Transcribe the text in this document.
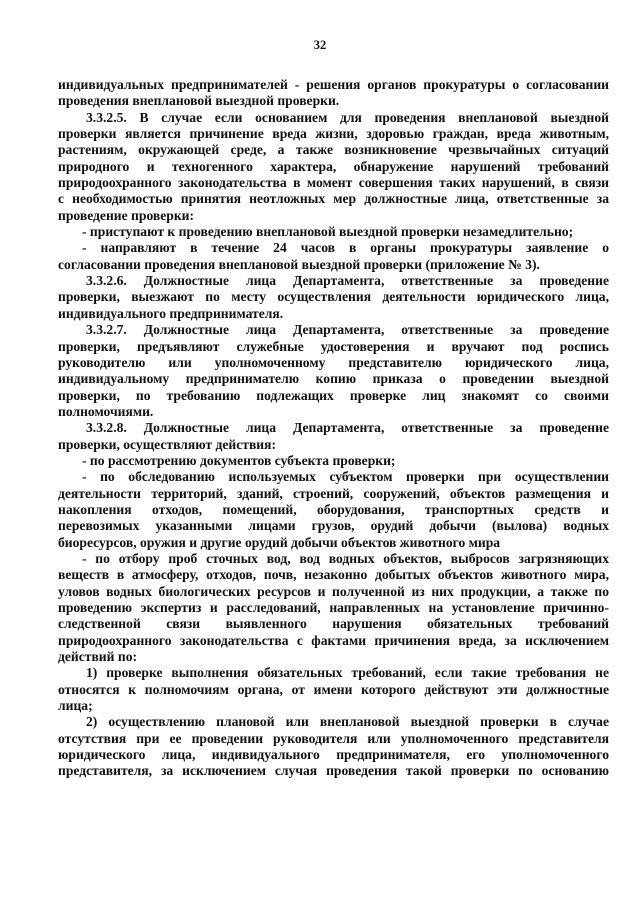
32
индивидуальных предпринимателей - решения органов прокуратуры о согласовании
проведения внеплановой выездной проверки.
3.3.2.5. В случае если основанием для проведения внеплановой выездной
проверки является причинение вреда жизни, здоровью граждан, вреда животным,
растениям, окружающей среде, а также возникновение чрезвычайных ситуаций
природного и техногенного характера, обнаружение нарушений требований
природоохранного законодательства в момент совершения таких нарушений, в связи
с необходимостью принятия неотложных мер должностные лица, ответственные за
проведение проверки:
- приступают к проведению внеплановой выездной проверки незамедлительно;
- направляют в течение 24 часов в органы прокуратуры заявление о
согласовании проведения внеплановой выездной проверки (приложение № 3).
3.3.2.6. Должностные лица Департамента, ответственные за проведение
проверки, выезжают по месту осуществления деятельности юридического лица,
индивидуального предпринимателя.
3.3.2.7. Должностные лица Департамента, ответственные за проведение
проверки, предъявляют служебные удостоверения и вручают под роспись
руководителю или уполномоченному представителю юридического лица,
индивидуальному предпринимателю копию приказа о проведении выездной
проверки, по требованию подлежащих проверке лиц знакомят со своими
полномочиями.
3.3.2.8. Должностные лица Департамента, ответственные за проведение
проверки, осуществляют действия:
- по рассмотрению документов субъекта проверки;
- по обследованию используемых субъектом проверки при осуществлении
деятельности территорий, зданий, строений, сооружений, объектов размещения и
накопления отходов, помещений, оборудования, транспортных средств и
перевозимых указанными лицами грузов, орудий добычи (вылова) водных
биоресурсов, оружия и другие орудий добычи объектов животного мира
- по отбору проб сточных вод, вод водных объектов, выбросов загрязняющих
веществ в атмосферу, отходов, почв, незаконно добытых объектов животного мира,
уловов водных биологических ресурсов и полученной из них продукции, а также по
проведению экспертиз и расследований, направленных на установление причинно-
следственной связи выявленного нарушения обязательных требований
природоохранного законодательства с фактами причинения вреда, за исключением
действий по:
1) проверке выполнения обязательных требований, если такие требования не
относятся к полномочиям органа, от имени которого действуют эти должностные
лица;
2) осуществлению плановой или внеплановой выездной проверки в случае
отсутствия при ее проведении руководителя или уполномоченного представителя
юридического лица, индивидуального предпринимателя, его уполномоченного
представителя, за исключением случая проведения такой проверки по основанию
